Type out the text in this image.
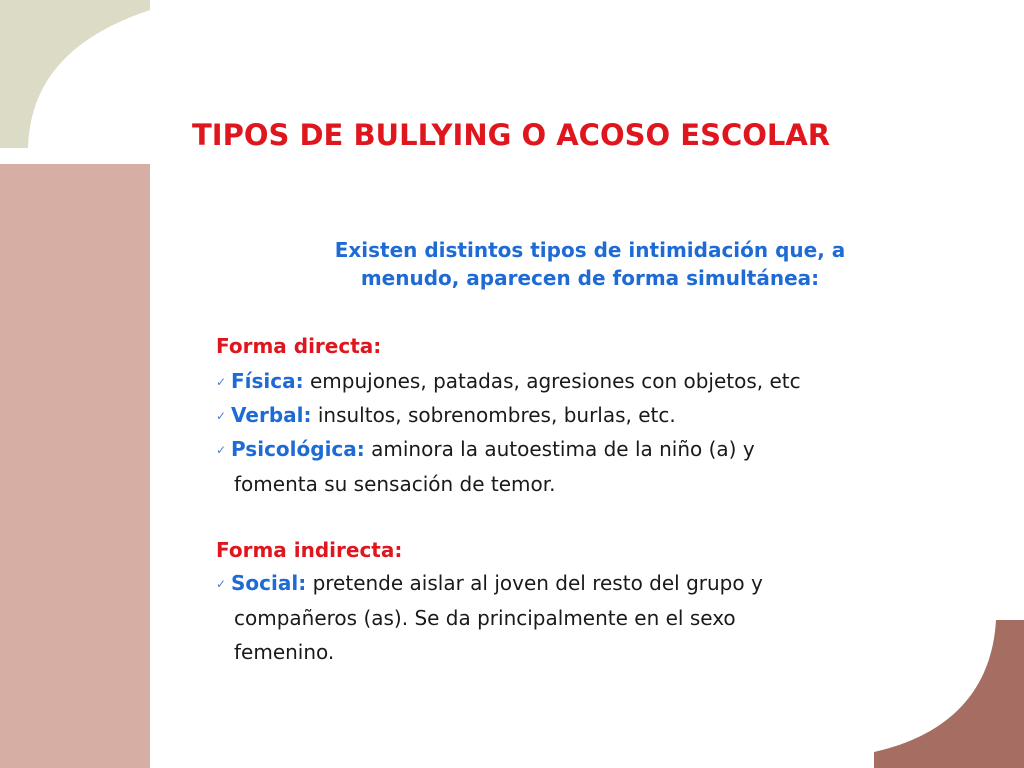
TIPOS DE BULLYING O ACOSO ESCOLAR
Existen distintos tipos de intimidación que, a
menudo, aparecen de forma simultánea:

Forma directa:

✓ Física: empujones, patadas, agresiones con objetos, etc

✓ Verbal: insultos, sobrenombres, burlas, etc.

✓ Psicológica: aminora la autoestima de la niño (a) y
fomenta su sensación de temor.

Forma indirecta:

✓ Social: pretende aislar al joven del resto del grupo y
compañeros (as). Se da principalmente en el sexo
femenino.
